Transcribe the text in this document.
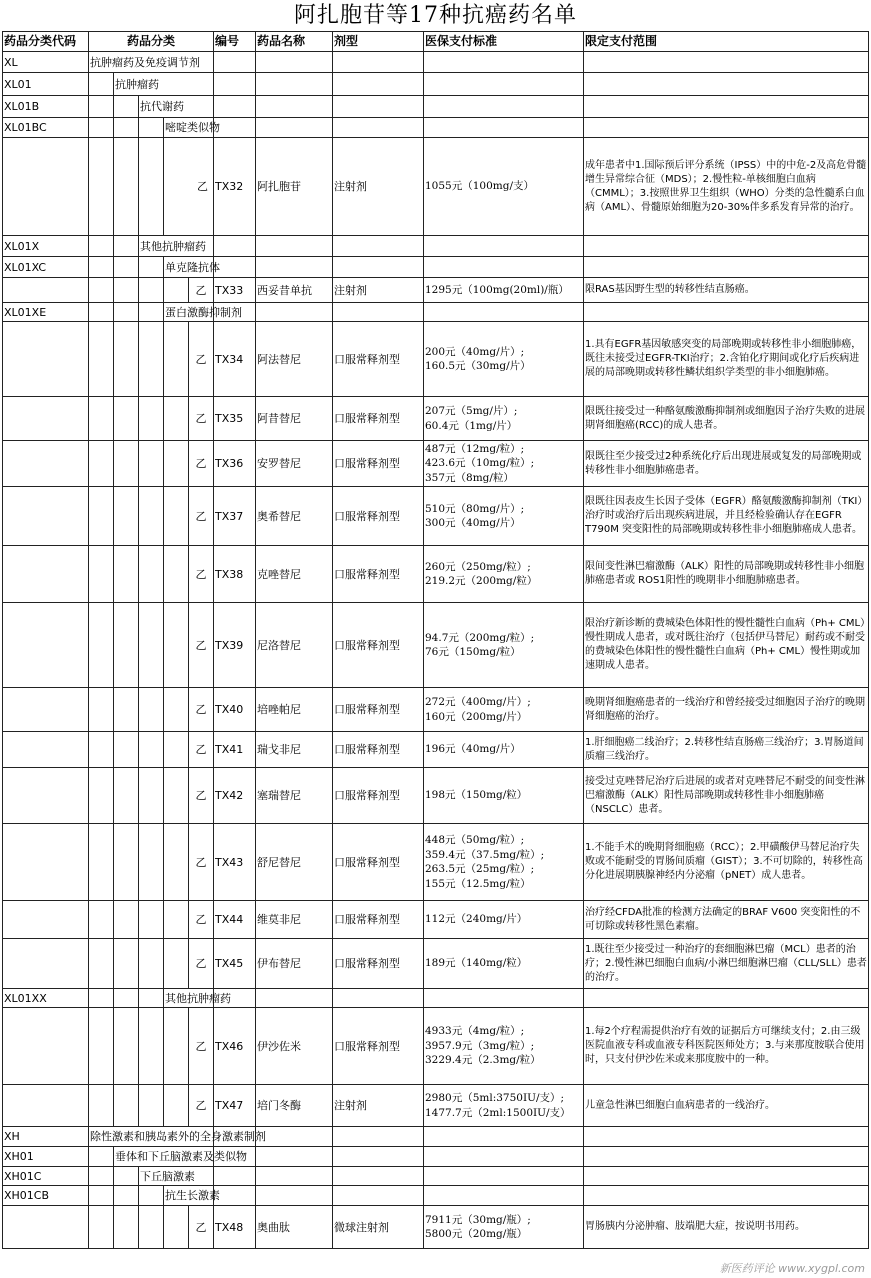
阿扎胞苷等17种抗癌药名单
药品分类代码	药品分类					编号	药品名称	剂型	医保支付标准	限定支付范围
XL	抗肿瘤药及免疫调节剂									
XL01		抗肿瘤药								
XL01B			抗代谢药							
XL01BC				嘧啶类似物						
				乙		TX32	阿扎胞苷	注射剂	1055元（100mg/支）	成年患者中1.国际预后评分系统（IPSS）中的中危-2及高危骨髓增生异常综合征（MDS）；2.慢性粒-单核细胞白血病（CMML）；3.按照世界卫生组织（WHO）分类的急性髓系白血病（AML）、骨髓原始细胞为20-30%伴多系发育异常的治疗。
XL01X			其他抗肿瘤药							
XL01XC				单克隆抗体						
					乙	TX33	西妥昔单抗	注射剂	1295元（100mg(20ml)/瓶）	限RAS基因野生型的转移性结直肠癌。
XL01XE				蛋白激酶抑制剂						
					乙	TX34	阿法替尼	口服常释剂型	200元（40mg/片）;
160.5元（30mg/片）	1.具有EGFR基因敏感突变的局部晚期或转移性非小细胞肺癌，既往未接受过EGFR-TKI治疗；2.含铂化疗期间或化疗后疾病进展的局部晚期或转移性鳞状组织学类型的非小细胞肺癌。
					乙	TX35	阿昔替尼	口服常释剂型	207元（5mg/片）;
60.4元（1mg/片）	限既往接受过一种酪氨酸激酶抑制剂或细胞因子治疗失败的进展期肾细胞癌(RCC)的成人患者。
					乙	TX36	安罗替尼	口服常释剂型	487元（12mg/粒）;
423.6元（10mg/粒）;
357元（8mg/粒）	限既往至少接受过2种系统化疗后出现进展或复发的局部晚期或转移性非小细胞肺癌患者。
					乙	TX37	奥希替尼	口服常释剂型	510元（80mg/片）;
300元（40mg/片）	限既往因表皮生长因子受体（EGFR）酪氨酸激酶抑制剂（TKI）治疗时或治疗后出现疾病进展，并且经检验确认存在EGFR T790M 突变阳性的局部晚期或转移性非小细胞肺癌成人患者。
					乙	TX38	克唑替尼	口服常释剂型	260元（250mg/粒）;
219.2元（200mg/粒）	限间变性淋巴瘤激酶（ALK）阳性的局部晚期或转移性非小细胞肺癌患者或 ROS1阳性的晚期非小细胞肺癌患者。
					乙	TX39	尼洛替尼	口服常释剂型	94.7元（200mg/粒）;
76元（150mg/粒）	限治疗新诊断的费城染色体阳性的慢性髓性白血病（Ph+ CML）慢性期成人患者，或对既往治疗（包括伊马替尼）耐药或不耐受的费城染色体阳性的慢性髓性白血病（Ph+ CML）慢性期或加速期成人患者。
					乙	TX40	培唑帕尼	口服常释剂型	272元（400mg/片）;
160元（200mg/片）	晚期肾细胞癌患者的一线治疗和曾经接受过细胞因子治疗的晚期肾细胞癌的治疗。
					乙	TX41	瑞戈非尼	口服常释剂型	196元（40mg/片）	1.肝细胞癌二线治疗；2.转移性结直肠癌三线治疗；3.胃肠道间质瘤三线治疗。
					乙	TX42	塞瑞替尼	口服常释剂型	198元（150mg/粒）	接受过克唑替尼治疗后进展的或者对克唑替尼不耐受的间变性淋巴瘤激酶（ALK）阳性局部晚期或转移性非小细胞肺癌（NSCLC）患者。
					乙	TX43	舒尼替尼	口服常释剂型	448元（50mg/粒）;
359.4元（37.5mg/粒）;
263.5元（25mg/粒）;
155元（12.5mg/粒）	1.不能手术的晚期肾细胞癌（RCC）；2.甲磺酸伊马替尼治疗失败或不能耐受的胃肠间质瘤（GIST）；3.不可切除的，转移性高分化进展期胰腺神经内分泌瘤（pNET）成人患者。
					乙	TX44	维莫非尼	口服常释剂型	112元（240mg/片）	治疗经CFDA批准的检测方法确定的BRAF V600 突变阳性的不可切除或转移性黑色素瘤。
					乙	TX45	伊布替尼	口服常释剂型	189元（140mg/粒）	1.既往至少接受过一种治疗的套细胞淋巴瘤（MCL）患者的治疗；2.慢性淋巴细胞白血病/小淋巴细胞淋巴瘤（CLL/SLL）患者的治疗。
XL01XX				其他抗肿瘤药						
					乙	TX46	伊沙佐米	口服常释剂型	4933元（4mg/粒）;
3957.9元（3mg/粒）;
3229.4元（2.3mg/粒）	1.每2个疗程需提供治疗有效的证据后方可继续支付；2.由三级医院血液专科或血液专科医院医师处方；3.与来那度胺联合使用时，只支付伊沙佐米或来那度胺中的一种。
					乙	TX47	培门冬酶	注射剂	2980元（5ml:3750IU/支）;
1477.7元（2ml:1500IU/支）	儿童急性淋巴细胞白血病患者的一线治疗。
XH	除性激素和胰岛素外的全身激素制剂									
XH01		垂体和下丘脑激素及类似物								
XH01C			下丘脑激素							
XH01CB				抗生长激素						
					乙	TX48	奥曲肽	微球注射剂	7911元（30mg/瓶）;
5800元（20mg/瓶）	胃肠胰内分泌肿瘤、肢端肥大症，按说明书用药。
新医药评论 www.xygpl.com
